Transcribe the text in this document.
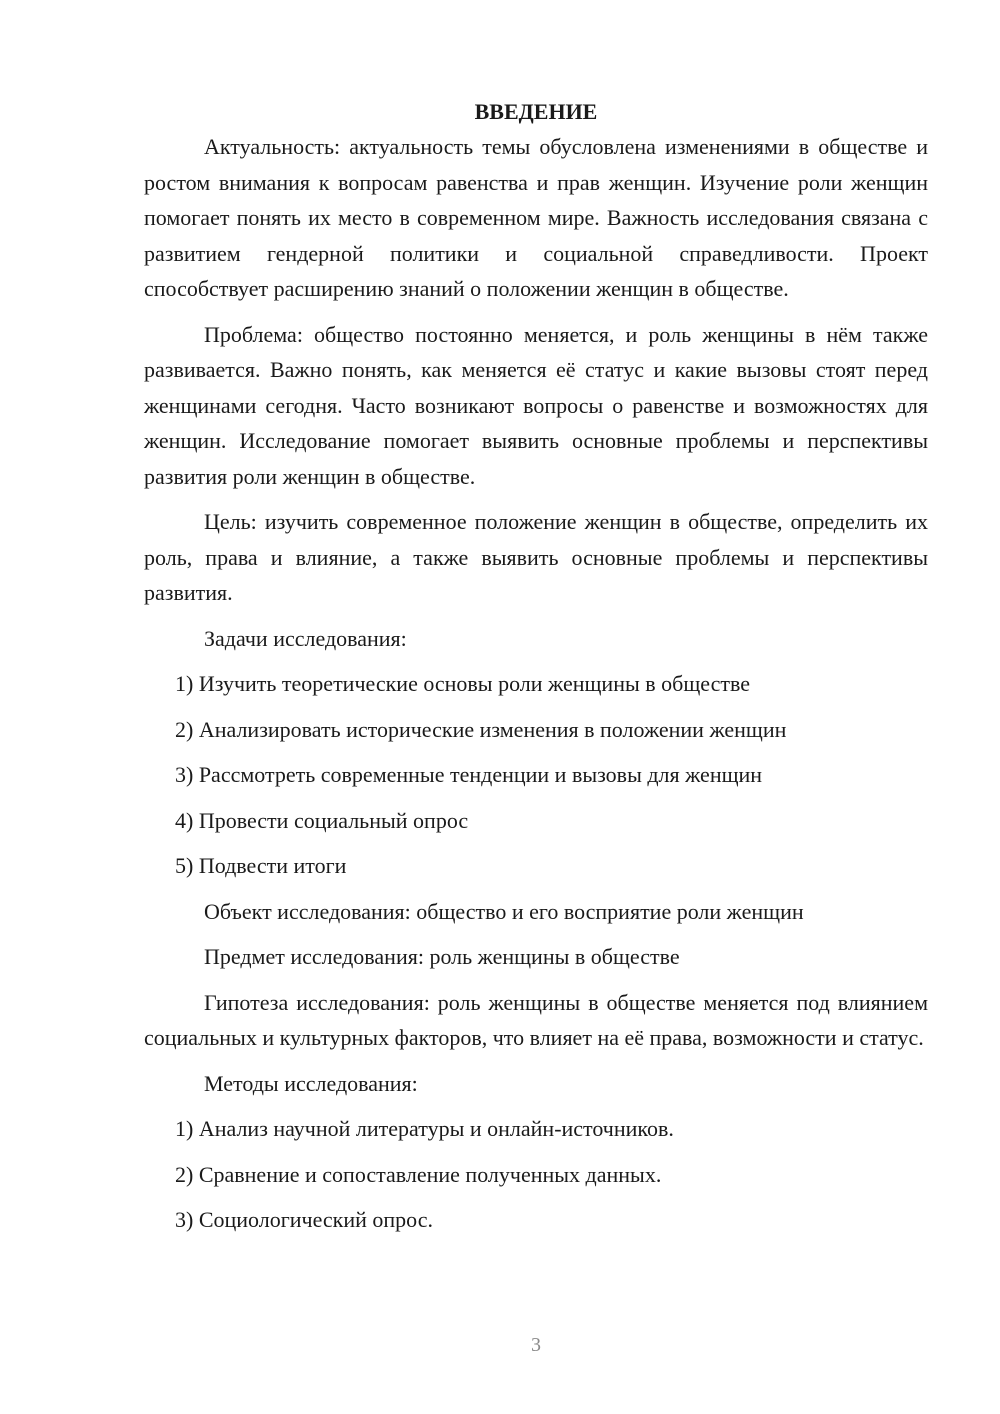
ВВЕДЕНИЕ

Актуальность: актуальность темы обусловлена изменениями в обществе и ростом внимания к вопросам равенства и прав женщин. Изучение роли женщин помогает понять их место в современном мире. Важность исследования связана с развитием гендерной политики и социальной справедливости. Проект способствует расширению знаний о положении женщин в обществе.

Проблема: общество постоянно меняется, и роль женщины в нём также развивается. Важно понять, как меняется её статус и какие вызовы стоят перед женщинами сегодня. Часто возникают вопросы о равенстве и возможностях для женщин. Исследование помогает выявить основные проблемы и перспективы развития роли женщин в обществе.

Цель: изучить современное положение женщин в обществе, определить их роль, права и влияние, а также выявить основные проблемы и перспективы развития.

Задачи исследования:

1) Изучить теоретические основы роли женщины в обществе

2) Анализировать исторические изменения в положении женщин

3) Рассмотреть современные тенденции и вызовы для женщин

4) Провести социальный опрос

5) Подвести итоги

Объект исследования: общество и его восприятие роли женщин

Предмет исследования: роль женщины в обществе

Гипотеза исследования: роль женщины в обществе меняется под влиянием социальных и культурных факторов, что влияет на её права, возможности и статус.

Методы исследования:

1) Анализ научной литературы и онлайн-источников.

2) Сравнение и сопоставление полученных данных.

3) Социологический опрос.

3
